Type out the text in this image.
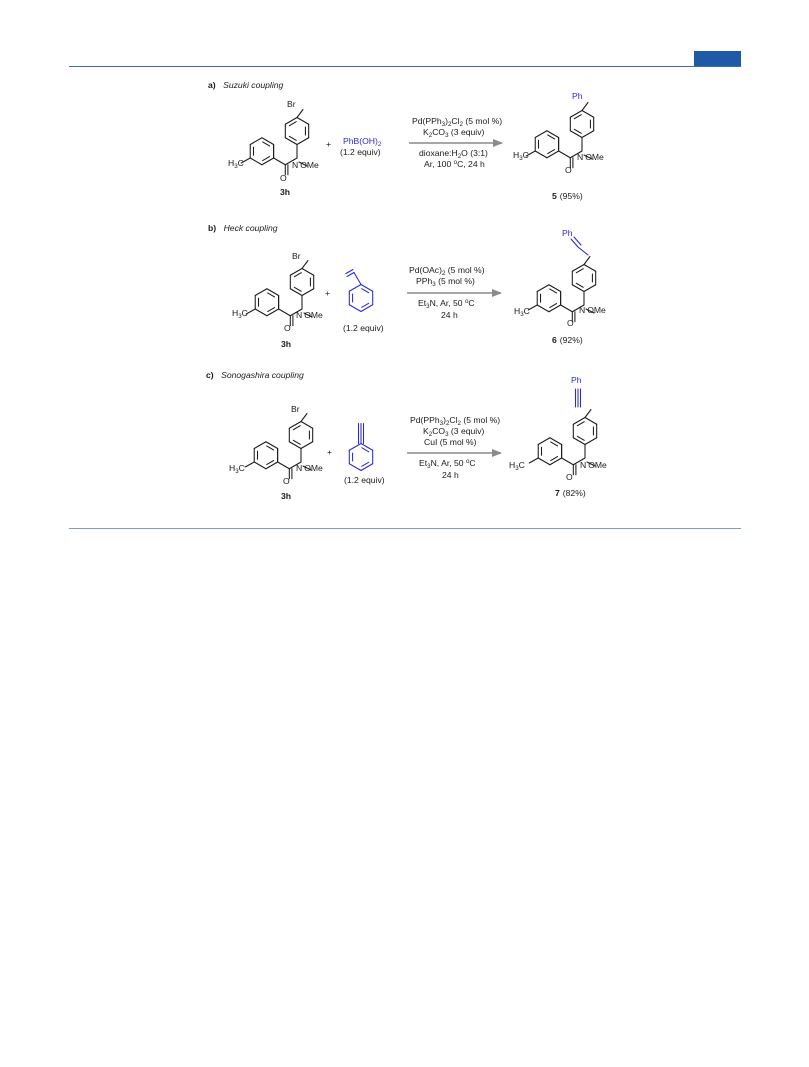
a) Suzuki coupling
Br
N OMe
$H_3C$
O
3h
+ $PhB(OH)_2$
(1.2 equiv)
$Pd(PPh_3)_2Cl_2$ (5 mol %)
$K_2CO_3$ (3 equiv)
$dioxane:H_2O$ (3:1)
Ar, 100 $^o$C, 24 h
Ph
N OMe
$H_3C$
O
5 (95%)
b) Heck coupling
Br
N OMe
$H_3C$
O
3h
+
(1.2 equiv)
$Pd(OAc)_2$ (5 mol %)
PPh$_3$ (5 mol %)
$Et_3N$, Ar, 50 $^o$C
24 h
Ph
N OMe
$H_3C$
O
6 (92%)
c) Sonogashira coupling
Br
N OMe
$H_3C$
O
3h
+
(1.2 equiv)
$Pd(PPh_3)_2Cl_2$ (5 mol %)
$K_2CO_3$ (3 equiv)
CuI (5 mol %)
$Et_3N$, Ar, 50 $^o$C
24 h
Ph
N OMe
$H_3C$
O
7 (82%)
